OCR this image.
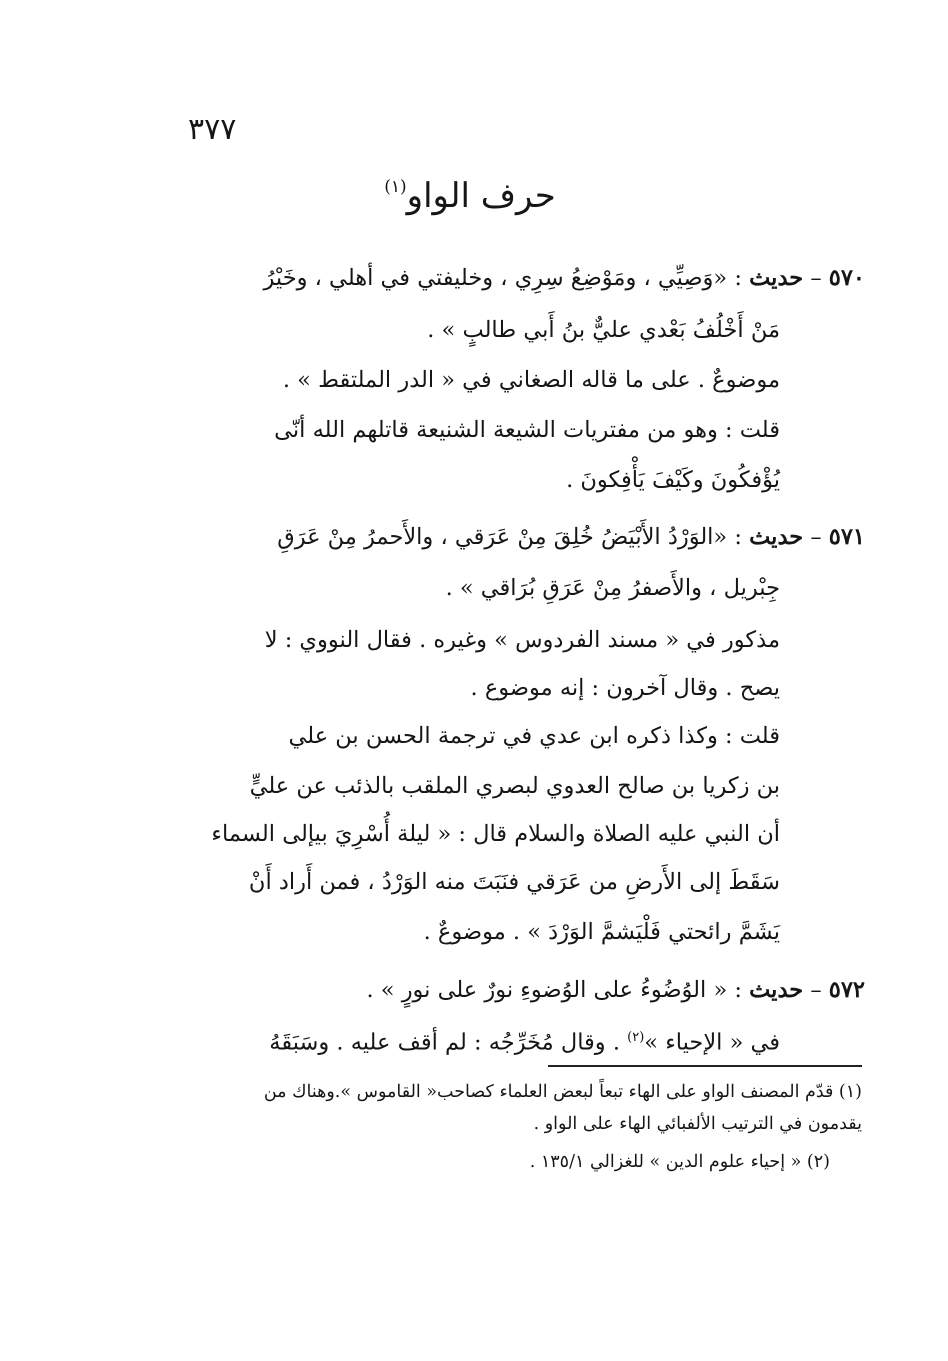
٣٧٧
حرف الواو$^{(١)}$
٥٧٠ – حديث : «وَصِيِّي ، ومَوْضِعُ سِرِي ، وخليفتي في أهلي ، وخَيْرُ
مَنْ أَخْلُفُ بَعْدي عليٌّ بنُ أَبي طالبٍ » .
موضوعٌ . على ما قاله الصغاني في « الدر الملتقط » .
قلت : وهو من مفتريات الشيعة الشنيعة قاتلهم الله أنّى
يُؤْفكُونَ وكَيْفَ يَأْفِكونَ .
٥٧١ – حديث : «الوَرْدُ الأَبْيَضُ خُلِقَ مِنْ عَرَقي ، والأَحمرُ مِنْ عَرَقِ
جِبْريل ، والأَصفرُ مِنْ عَرَقِ بُرَاقي » .
مذكور في « مسند الفردوس » وغيره . فقال النووي : لا
يصح . وقال آخرون : إنه موضوع .
قلت : وكذا ذكره ابن عدي في ترجمة الحسن بن علي
بن زكريا بن صالح العدوي لبصري الملقب بالذئب عن عليٍّ
أن النبي عليه الصلاة والسلام قال : « ليلة أُسْرِيَ بيإلى السماء
سَقَطَ إلى الأَرضِ من عَرَقي فنَبَتَ منه الوَرْدُ ، فمن أَراد أَنْ
يَشَمَّ رائحتي فَلْيَشمَّ الوَرْدَ » . موضوعٌ .
٥٧٢ – حديث : « الوُضُوءُ على الوُضوءِ نورٌ على نورٍ » .
في « الإحياء »$^{(٢)}$ . وقال مُخَرِّجُه : لم أقف عليه . وسَبَقَهُ
(١) قدّم المصنف الواو على الهاء تبعاً لبعض العلماء كصاحب« القاموس ».وهناك من
يقدمون في الترتيب الألفبائي الهاء على الواو .
(٢) « إحياء علوم الدين » للغزالي ١٣٥/١ .
